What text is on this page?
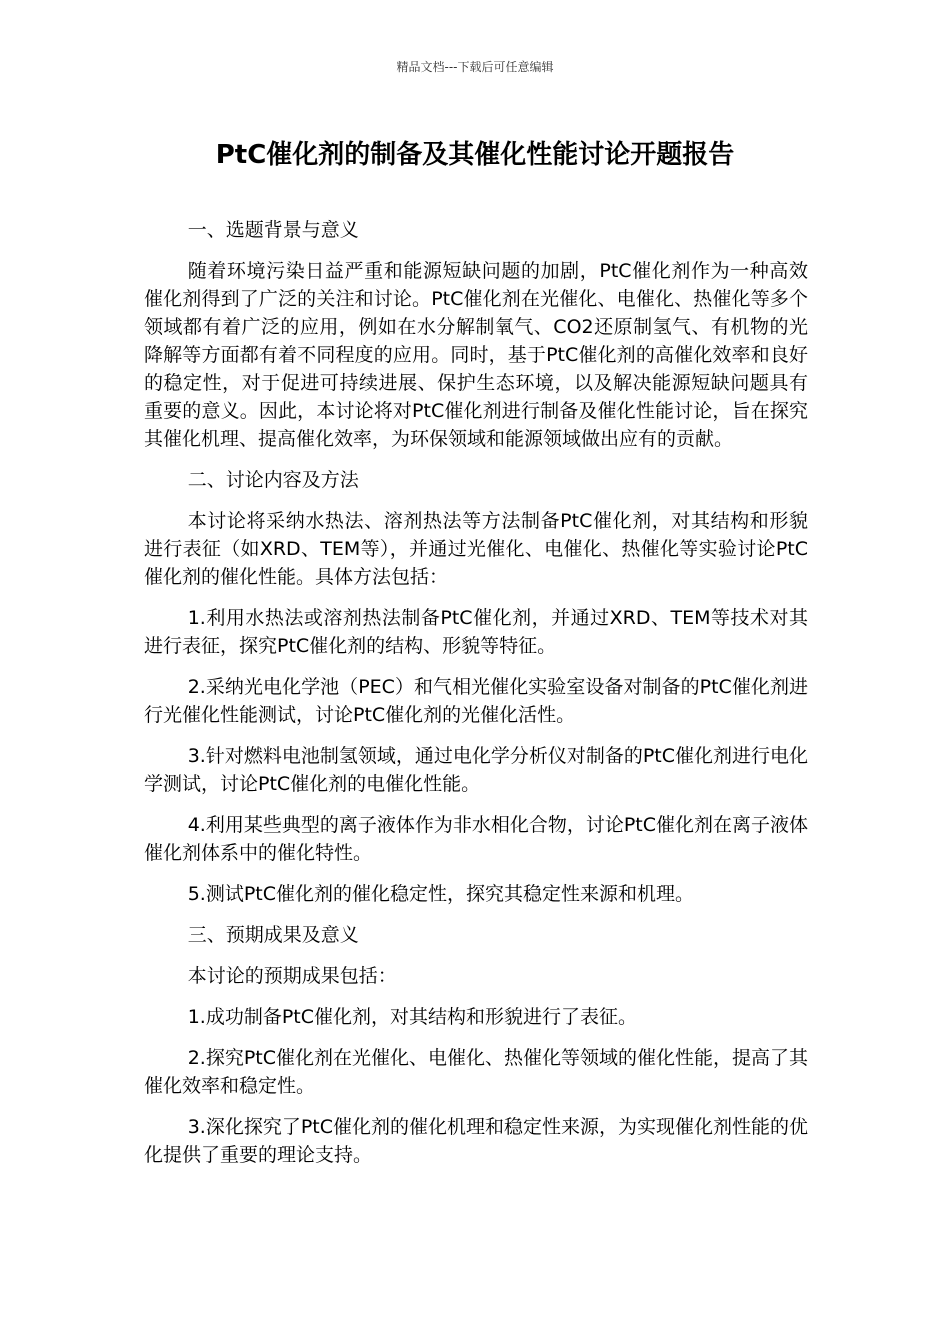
精品文档---下载后可任意编辑
PtC催化剂的制备及其催化性能讨论开题报告

一、选题背景与意义

随着环境污染日益严重和能源短缺问题的加剧，PtC催化剂作为一种高效催化剂得到了广泛的关注和讨论。PtC催化剂在光催化、电催化、热催化等多个领域都有着广泛的应用，例如在水分解制氧气、CO2还原制氢气、有机物的光降解等方面都有着不同程度的应用。同时，基于PtC催化剂的高催化效率和良好的稳定性，对于促进可持续进展、保护生态环境，以及解决能源短缺问题具有重要的意义。因此，本讨论将对PtC催化剂进行制备及催化性能讨论，旨在探究其催化机理、提高催化效率，为环保领域和能源领域做出应有的贡献。

二、讨论内容及方法

本讨论将采纳水热法、溶剂热法等方法制备PtC催化剂，对其结构和形貌进行表征（如XRD、TEM等），并通过光催化、电催化、热催化等实验讨论PtC催化剂的催化性能。具体方法包括：

1.利用水热法或溶剂热法制备PtC催化剂，并通过XRD、TEM等技术对其进行表征，探究PtC催化剂的结构、形貌等特征。

2.采纳光电化学池（PEC）和气相光催化实验室设备对制备的PtC催化剂进行光催化性能测试，讨论PtC催化剂的光催化活性。

3.针对燃料电池制氢领域，通过电化学分析仪对制备的PtC催化剂进行电化学测试，讨论PtC催化剂的电催化性能。

4.利用某些典型的离子液体作为非水相化合物，讨论PtC催化剂在离子液体催化剂体系中的催化特性。

5.测试PtC催化剂的催化稳定性，探究其稳定性来源和机理。

三、预期成果及意义

本讨论的预期成果包括：

1.成功制备PtC催化剂，对其结构和形貌进行了表征。

2.探究PtC催化剂在光催化、电催化、热催化等领域的催化性能，提高了其催化效率和稳定性。

3.深化探究了PtC催化剂的催化机理和稳定性来源，为实现催化剂性能的优化提供了重要的理论支持。
